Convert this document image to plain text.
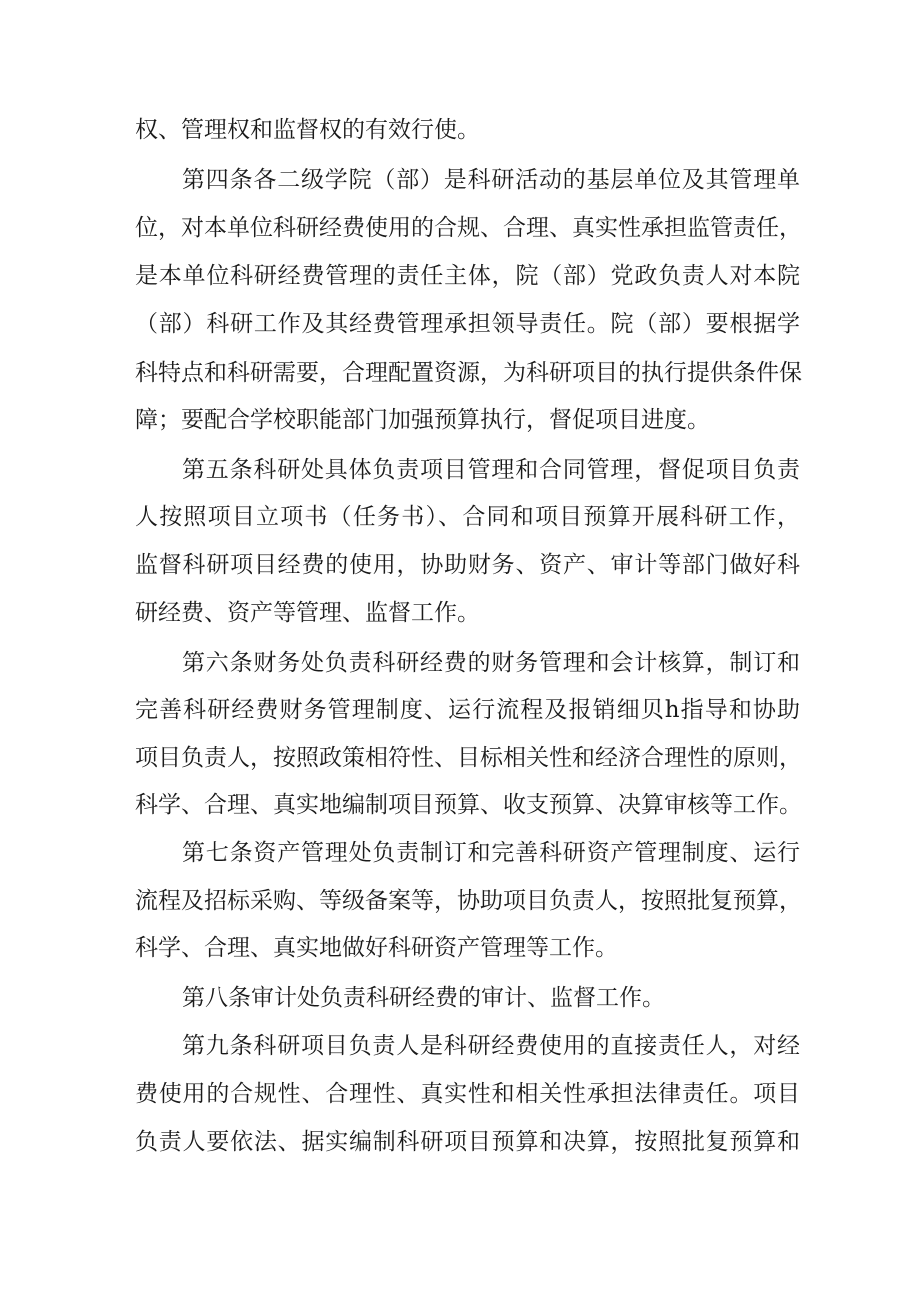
权、管理权和监督权的有效行使。
第四条各二级学院（部）是科研活动的基层单位及其管理单
位，对本单位科研经费使用的合规、合理、真实性承担监管责任，
是本单位科研经费管理的责任主体，院（部）党政负责人对本院
（部）科研工作及其经费管理承担领导责任。院（部）要根据学
科特点和科研需要，合理配置资源，为科研项目的执行提供条件保
障；要配合学校职能部门加强预算执行，督促项目进度。
第五条科研处具体负责项目管理和合同管理，督促项目负责
人按照项目立项书（任务书）、合同和项目预算开展科研工作，
监督科研项目经费的使用，协助财务、资产、审计等部门做好科
研经费、资产等管理、监督工作。
第六条财务处负责科研经费的财务管理和会计核算，制订和
完善科研经费财务管理制度、运行流程及报销细贝h指导和协助
项目负责人，按照政策相符性、目标相关性和经济合理性的原则，
科学、合理、真实地编制项目预算、收支预算、决算审核等工作。
第七条资产管理处负责制订和完善科研资产管理制度、运行
流程及招标采购、等级备案等，协助项目负责人，按照批复预算，
科学、合理、真实地做好科研资产管理等工作。
第八条审计处负责科研经费的审计、监督工作。
第九条科研项目负责人是科研经费使用的直接责任人，对经
费使用的合规性、合理性、真实性和相关性承担法律责任。项目
负责人要依法、据实编制科研项目预算和决算，按照批复预算和
